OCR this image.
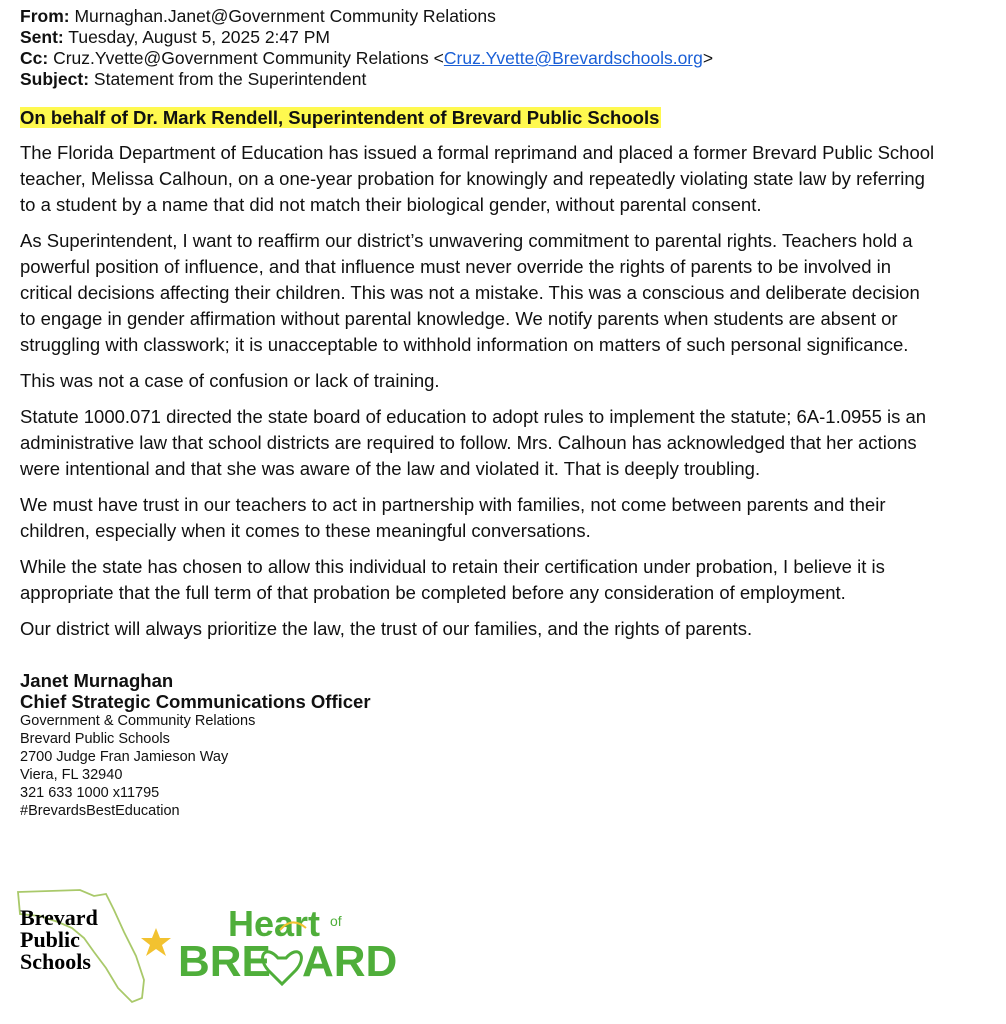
From: Murnaghan.Janet@Government Community Relations
Sent: Tuesday, August 5, 2025 2:47 PM
Cc: Cruz.Yvette@Government Community Relations <Cruz.Yvette@Brevardschools.org>
Subject: Statement from the Superintendent
On behalf of Dr. Mark Rendell, Superintendent of Brevard Public Schools
The Florida Department of Education has issued a formal reprimand and placed a former Brevard Public School
teacher, Melissa Calhoun, on a one-year probation for knowingly and repeatedly violating state law by referring
to a student by a name that did not match their biological gender, without parental consent.
As Superintendent, I want to reaffirm our district’s unwavering commitment to parental rights. Teachers hold a
powerful position of influence, and that influence must never override the rights of parents to be involved in
critical decisions affecting their children. This was not a mistake. This was a conscious and deliberate decision
to engage in gender affirmation without parental knowledge. We notify parents when students are absent or
struggling with classwork; it is unacceptable to withhold information on matters of such personal significance.
This was not a case of confusion or lack of training.
Statute 1000.071 directed the state board of education to adopt rules to implement the statute; 6A-1.0955 is an
administrative law that school districts are required to follow. Mrs. Calhoun has acknowledged that her actions
were intentional and that she was aware of the law and violated it. That is deeply troubling.
We must have trust in our teachers to act in partnership with families, not come between parents and their
children, especially when it comes to these meaningful conversations.
While the state has chosen to allow this individual to retain their certification under probation, I believe it is
appropriate that the full term of that probation be completed before any consideration of employment.
Our district will always prioritize the law, the trust of our families, and the rights of parents.
Janet Murnaghan
Chief Strategic Communications Officer
Government & Community Relations
Brevard Public Schools
2700 Judge Fran Jamieson Way
Viera, FL 32940
321 633 1000 x11795
#BrevardsBestEducation
Brevard
Public
Schools
Heart of
BRE ARD
